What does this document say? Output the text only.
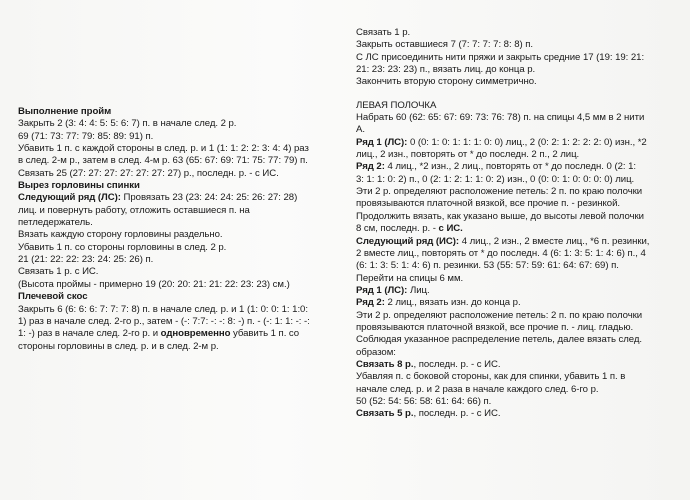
Связать 1 р.
Закрыть оставшиеся 7 (7: 7: 7: 7: 8: 8) п.
С ЛС присоединить нити пряжи и закрыть средние 17 (19: 19: 21:
21: 23: 23: 23) п., вязать лиц. до конца р.
Закончить вторую сторону симметрично.
ЛЕВАЯ ПОЛОЧКА
Набрать 60 (62: 65: 67: 69: 73: 76: 78) п. на спицы 4,5 мм в 2 нити
А.
Ряд 1 (ЛС): 0 (0: 1: 0: 1: 1: 1: 0: 0) лиц., 2 (0: 2: 1: 2: 2: 2: 0) изн., *2
лиц., 2 изн., повторять от * до последн. 2 п., 2 лиц.
Ряд 2: 4 лиц., *2 изн., 2 лиц., повторять от * до последн. 0 (2: 1:
3: 1: 1: 0: 2) п., 0 (2: 1: 2: 1: 1: 0: 2) изн., 0 (0: 0: 1: 0: 0: 0: 0) лиц.
Эти 2 р. определяют расположение петель: 2 п. по краю полочки
провязываются платочной вязкой, все прочие п. - резинкой.
Продолжить вязать, как указано выше, до высоты левой полочки
8 см, последн. р. - с ИС.
Следующий ряд (ИС): 4 лиц., 2 изн., 2 вместе лиц., *6 п. резинки,
2 вместе лиц., повторять от * до последн. 4 (6: 1: 3: 5: 1: 4: 6) п., 4
(6: 1: 3: 5: 1: 4: 6) п. резинки. 53 (55: 57: 59: 61: 64: 67: 69) п.
Перейти на спицы 6 мм.
Ряд 1 (ЛС): Лиц.
Ряд 2: 2 лиц., вязать изн. до конца р.
Эти 2 р. определяют расположение петель: 2 п. по краю полочки
провязываются платочной вязкой, все прочие п. - лиц. гладью.
Соблюдая указанное распределение петель, далее вязать след.
образом:
Связать 8 р., последн. р. - с ИС.
Убавляя п. с боковой стороны, как для спинки, убавить 1 п. в
начале след. р. и 2 раза в начале каждого след. 6-го р.
50 (52: 54: 56: 58: 61: 64: 66) п.
Связать 5 р., последн. р. - с ИС.
Выполнение пройм
Закрыть 2 (3: 4: 4: 5: 5: 6: 7) п. в начале след. 2 р.
69 (71: 73: 77: 79: 85: 89: 91) п.
Убавить 1 п. с каждой стороны в след. р. и 1 (1: 1: 2: 2: 3: 4: 4) раз
в след. 2-м р., затем в след. 4-м р. 63 (65: 67: 69: 71: 75: 77: 79) п.
Связать 25 (27: 27: 27: 27: 27: 27: 27) р., последн. р. - с ИС.
Вырез горловины спинки
Следующий ряд (ЛС): Провязать 23 (23: 24: 24: 25: 26: 27: 28)
лиц. и повернуть работу, отложить оставшиеся п. на
петледержатель.
Вязать каждую сторону горловины раздельно.
Убавить 1 п. со стороны горловины в след. 2 р.
21 (21: 22: 22: 23: 24: 25: 26) п.
Связать 1 р. с ИС.
(Высота проймы - примерно 19 (20: 20: 21: 21: 22: 23: 23) см.)
Плечевой скос
Закрыть 6 (6: 6: 6: 7: 7: 7: 8) п. в начале след. р. и 1 (1: 0: 0: 1: 1:0:
1) раз в начале след. 2-го р., затем - (-: 7:7: -: -: 8: -) п. - (-: 1: 1: -: -:
1: -) раз в начале след. 2-го р. и одновременно убавить 1 п. со
стороны горловины в след. р. и в след. 2-м р.
